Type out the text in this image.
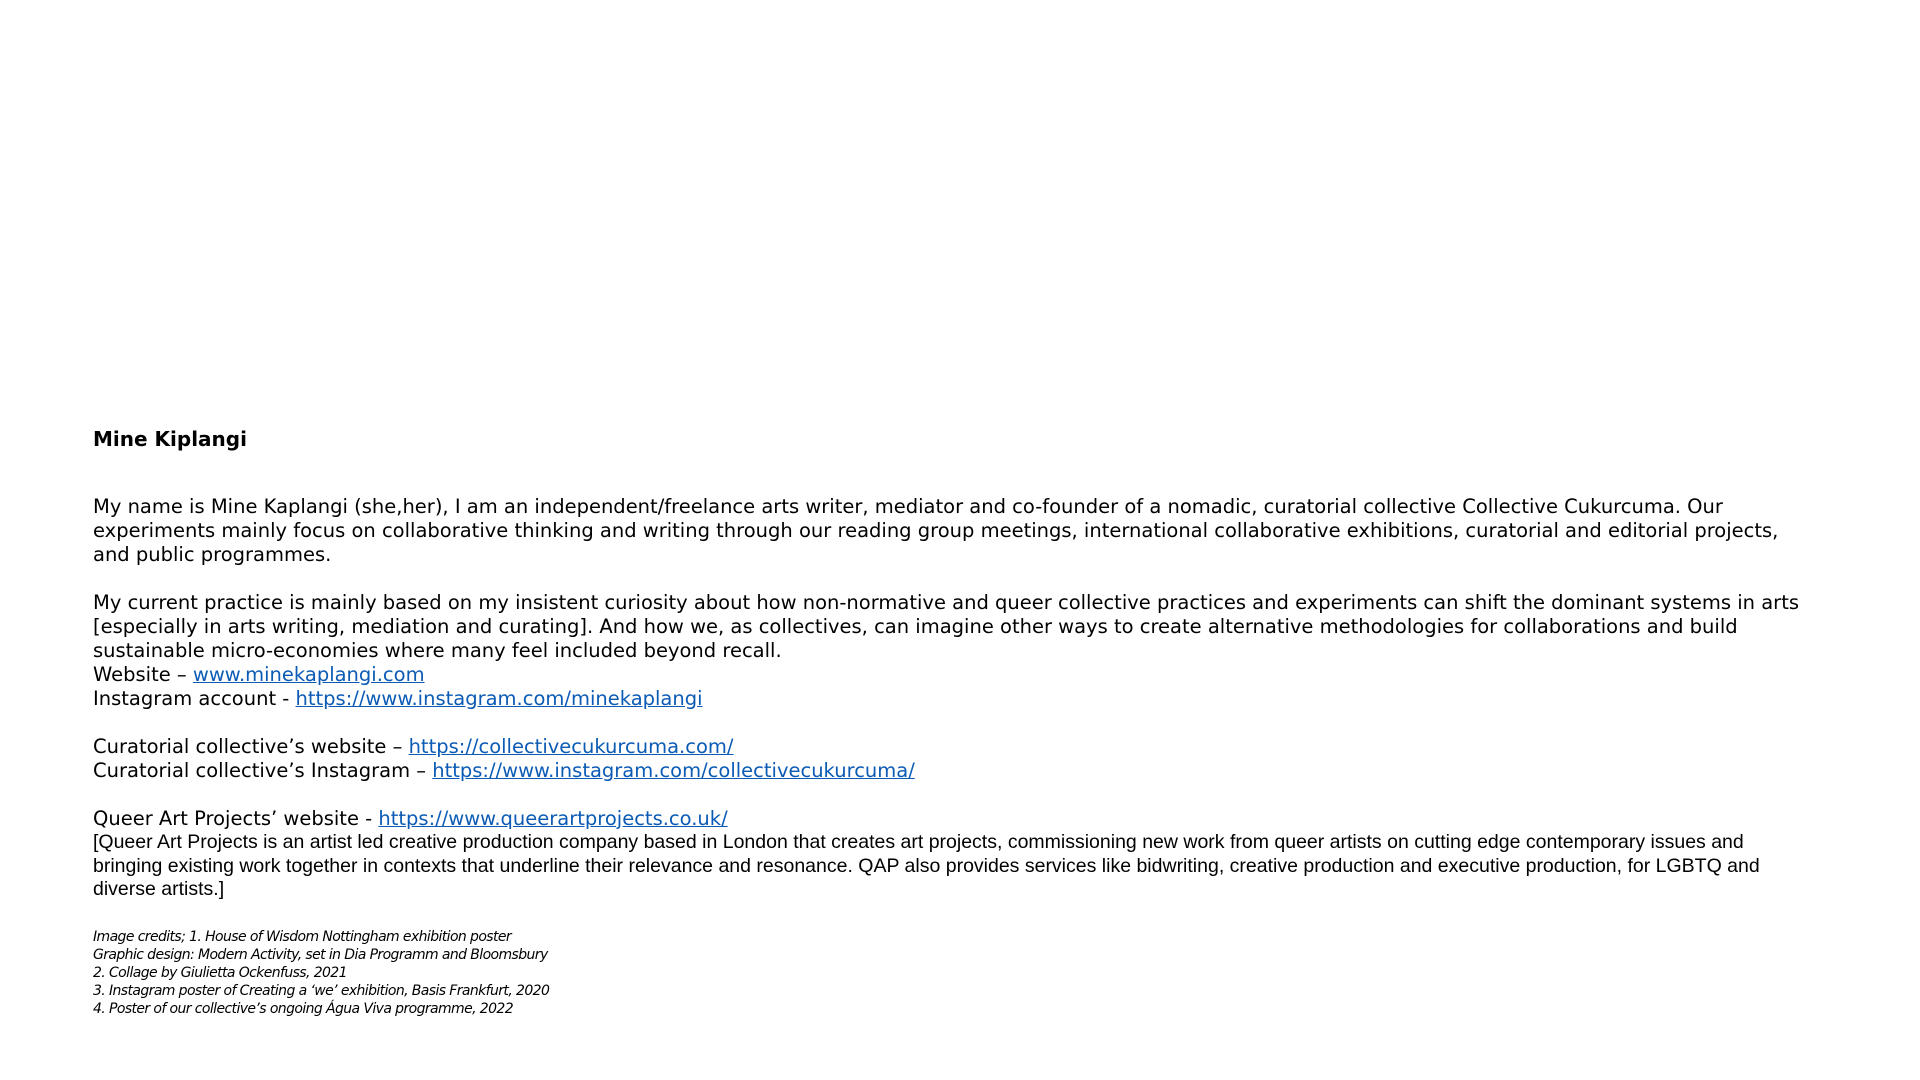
Mine Kiplangi

My name is Mine Kaplangi (she,her), I am an independent/freelance arts writer, mediator and co-founder of a nomadic, curatorial collective Collective Cukurcuma. Our experiments mainly focus on collaborative thinking and writing through our reading group meetings, international collaborative exhibitions, curatorial and editorial projects, and public programmes.

My current practice is mainly based on my insistent curiosity about how non-normative and queer collective practices and experiments can shift the dominant systems in arts [especially in arts writing, mediation and curating]. And how we, as collectives, can imagine other ways to create alternative methodologies for collaborations and build sustainable micro-economies where many feel included beyond recall.

Website – www.minekaplangi.com
Instagram account - https://www.instagram.com/minekaplangi
Curatorial collective’s website – https://collectivecukurcuma.com/
Curatorial collective’s Instagram – https://www.instagram.com/collectivecukurcuma/
Queer Art Projects’ website - https://www.queerartprojects.co.uk/

[Queer Art Projects is an artist led creative production company based in London that creates art projects, commissioning new work from queer artists on cutting edge contemporary issues and bringing existing work together in contexts that underline their relevance and resonance. QAP also provides services like bidwriting, creative production and executive production, for LGBTQ and diverse artists.]

Image credits; 1. House of Wisdom Nottingham exhibition poster
Graphic design: Modern Activity, set in Dia Programm and Bloomsbury
2. Collage by Giulietta Ockenfuss, 2021
3. Instagram poster of Creating a ‘we’ exhibition, Basis Frankfurt, 2020
4. Poster of our collective’s ongoing Água Viva programme, 2022
